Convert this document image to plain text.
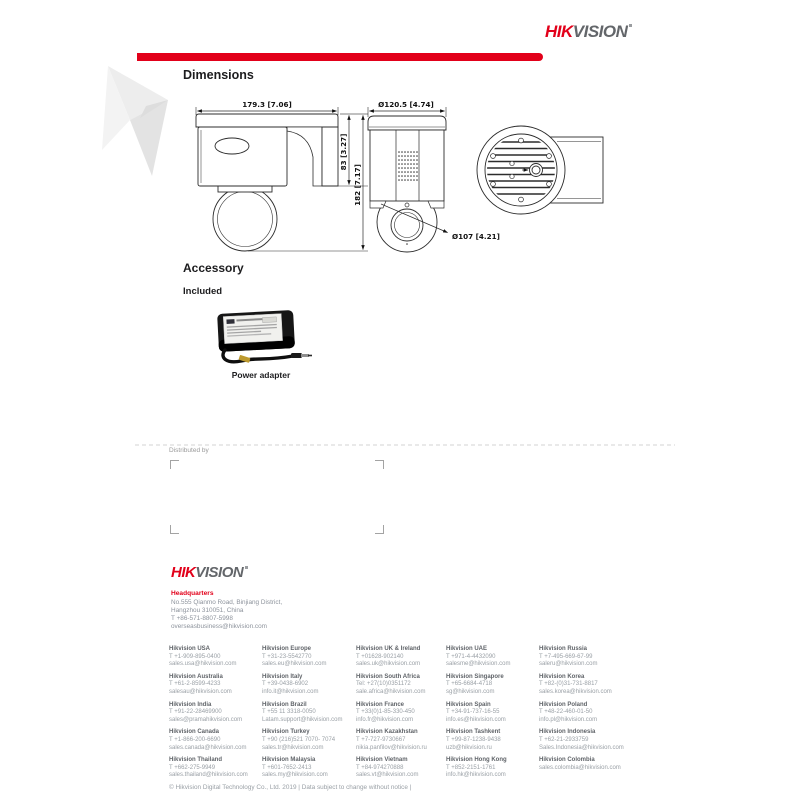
HIKVISION
Dimensions
179.3 [7.06]
83 [3.27]
182 [7.17]
Ø120.5 [4.74]
Ø107 [4.21]
Accessory
Included
Power adapter
Distributed by
HIKVISION
Headquarters
No.555 Qianmo Road, Binjiang District,
Hangzhou 310051, China
T +86-571-8807-5998
overseasbusiness@hikvision.com
Hikvision USA
T +1-909-895-0400
sales.usa@hikvision.com
Hikvision Australia
T +61-2-8599-4233
salesau@hikvision.com
Hikvision India
T +91-22-28469900
sales@pramahikvision.com
Hikvision Canada
T +1-866-200-6690
sales.canada@hikvision.com
Hikvision Thailand
T +662-275-9949
sales.thailand@hikvision.com
Hikvision Europe
T +31-23-5542770
sales.eu@hikvision.com
Hikvision Italy
T +39-0438-6902
info.it@hikvision.com
Hikvision Brazil
T +55 11 3318-0050
Latam.support@hikvision.com
Hikvision Turkey
T +90 (216)521 7070- 7074
sales.tr@hikvision.com
Hikvision Malaysia
T +601-7652-2413
sales.my@hikvision.com
Hikvision UK & Ireland
T +01628-902140
sales.uk@hikvision.com
Hikvision South Africa
Tel: +27(10)0351172
sale.africa@hikvision.com
Hikvision France
T +33(0)1-85-330-450
info.fr@hikvision.com
Hikvision Kazakhstan
T +7-727-9730667
nikia.panfilov@hikvision.ru
Hikvision Vietnam
T +84-974270888
sales.vt@hikvision.com
Hikvision UAE
T +971-4-4432090
salesme@hikvision.com
Hikvision Singapore
T +65-6684-4718
sg@hikvision.com
Hikvision Spain
T +34-91-737-16-55
info.es@hikvision.com
Hikvision Tashkent
T +99-87-1238-9438
uzb@hikvision.ru
Hikvision Hong Kong
T +852-2151-1761
info.hk@hikvision.com
Hikvision Russia
T +7-495-669-67-99
saleru@hikvision.com
Hikvision Korea
T +82-(0)31-731-8817
sales.korea@hikvision.com
Hikvision Poland
T +48-22-460-01-50
info.pl@hikvision.com
Hikvision Indonesia
T +62-21-2933759
Sales.Indonesia@hikvision.com
Hikvision Colombia
sales.colombia@hikvision.com
© Hikvision Digital Technology Co., Ltd. 2019 | Data subject to change without notice |
